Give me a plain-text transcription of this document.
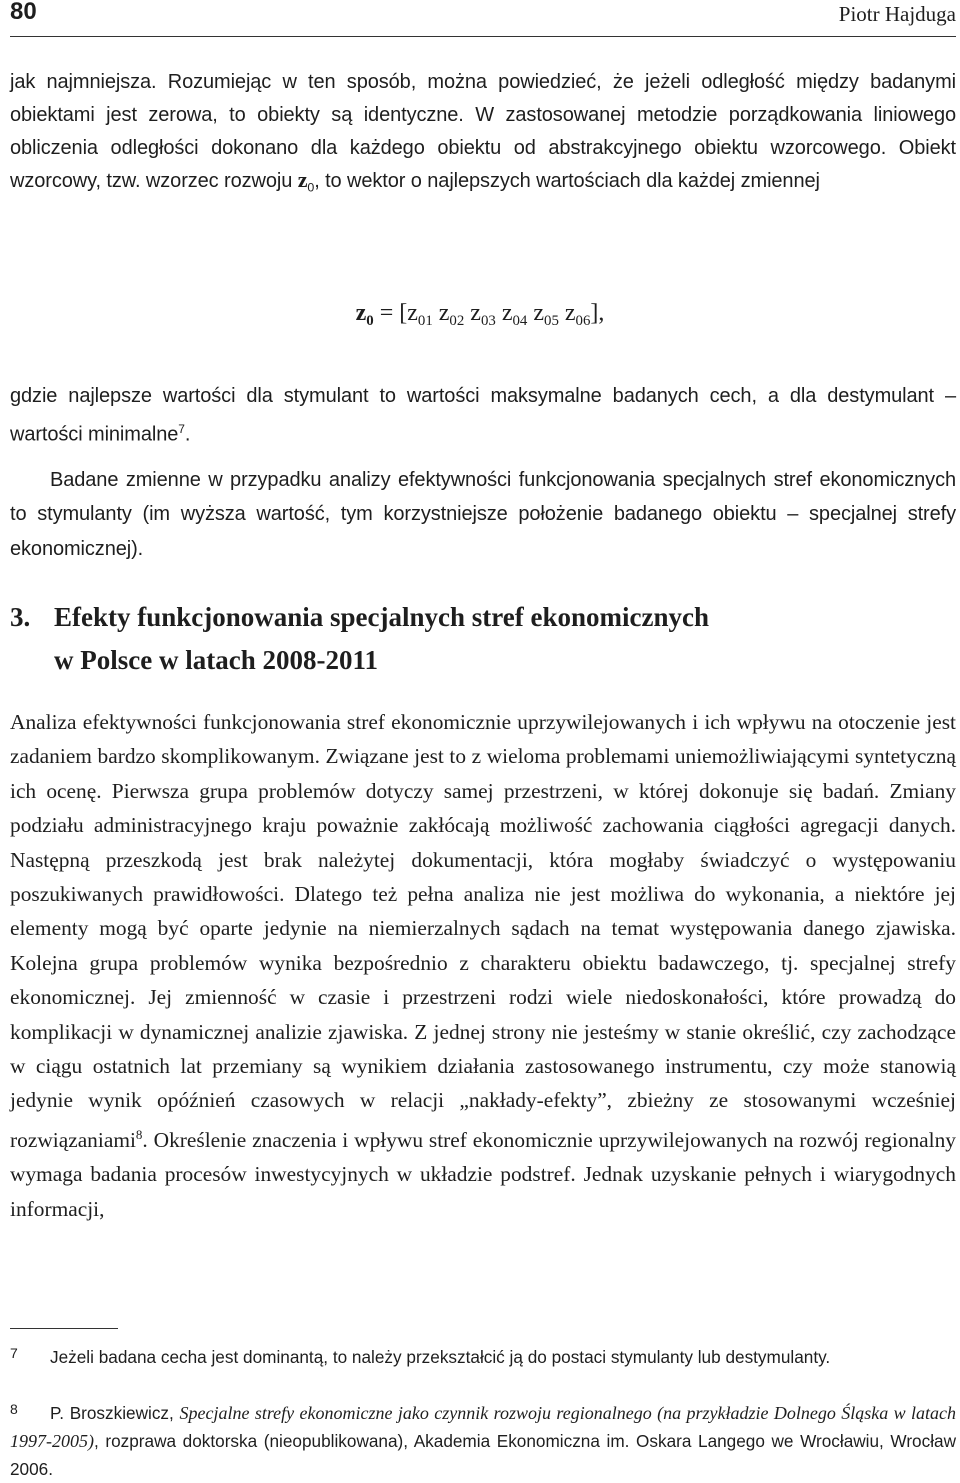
80	Piotr Hajduga

jak najmniejsza. Rozumiejąc w ten sposób, można powiedzieć, że jeżeli odległość między badanymi obiektami jest zerowa, to obiekty są identyczne. W zastosowanej metodzie porządkowania liniowego obliczenia odległości dokonano dla każdego obiektu od abstrakcyjnego obiektu wzorcowego. Obiekt wzorcowy, tzw. wzorzec rozwoju $z_0$, to wektor o najlepszych wartościach dla każdej zmiennej

$z_0 = [z_{01}$ $z_{02}$ $z_{03}$ $z_{04}$ $z_{05}$ $z_{06}$],

gdzie najlepsze wartości dla stymulant to wartości maksymalne badanych cech, a dla destymulant – wartości minimalne$^7$.

Badane zmienne w przypadku analizy efektywności funkcjonowania specjalnych stref ekonomicznych to stymulanty (im wyższa wartość, tym korzystniejsze położenie badanego obiektu – specjalnej strefy ekonomicznej).

3. Efekty funkcjonowania specjalnych stref ekonomicznych
w Polsce w latach 2008-2011

Analiza efektywności funkcjonowania stref ekonomicznie uprzywilejowanych i ich wpływu na otoczenie jest zadaniem bardzo skomplikowanym. Związane jest to z wieloma problemami uniemożliwiającymi syntetyczną ich ocenę. Pierwsza grupa problemów dotyczy samej przestrzeni, w której dokonuje się badań. Zmiany podziału administracyjnego kraju poważnie zakłócają możliwość zachowania ciągłości agregacji danych. Następną przeszkodą jest brak należytej dokumentacji, która mogłaby świadczyć o występowaniu poszukiwanych prawidłowości. Dlatego też pełna analiza nie jest możliwa do wykonania, a niektóre jej elementy mogą być oparte jedynie na niemierzalnych sądach na temat występowania danego zjawiska. Kolejna grupa problemów wynika bezpośrednio z charakteru obiektu badawczego, tj. specjalnej strefy ekonomicznej. Jej zmienność w czasie i przestrzeni rodzi wiele niedoskonałości, które prowadzą do komplikacji w dynamicznej analizie zjawiska. Z jednej strony nie jesteśmy w stanie określić, czy zachodzące w ciągu ostatnich lat przemiany są wynikiem działania zastosowanego instrumentu, czy może stanowią jedynie wynik opóźnień czasowych w relacji „nakłady-efekty”, zbieżny ze stosowanymi wcześniej rozwiązaniami$^8$. Określenie znaczenia i wpływu stref ekonomicznie uprzywilejowanych na rozwój regionalny wymaga badania procesów inwestycyjnych w układzie podstref. Jednak uzyskanie pełnych i wiarygodnych informacji,

7 Jeżeli badana cecha jest dominantą, to należy przekształcić ją do postaci stymulanty lub destymulanty.

8 P. Broszkiewicz, Specjalne strefy ekonomiczne jako czynnik rozwoju regionalnego (na przykładzie Dolnego Śląska w latach 1997-2005), rozprawa doktorska (nieopublikowana), Akademia Ekonomiczna im. Oskara Langego we Wrocławiu, Wrocław 2006.
